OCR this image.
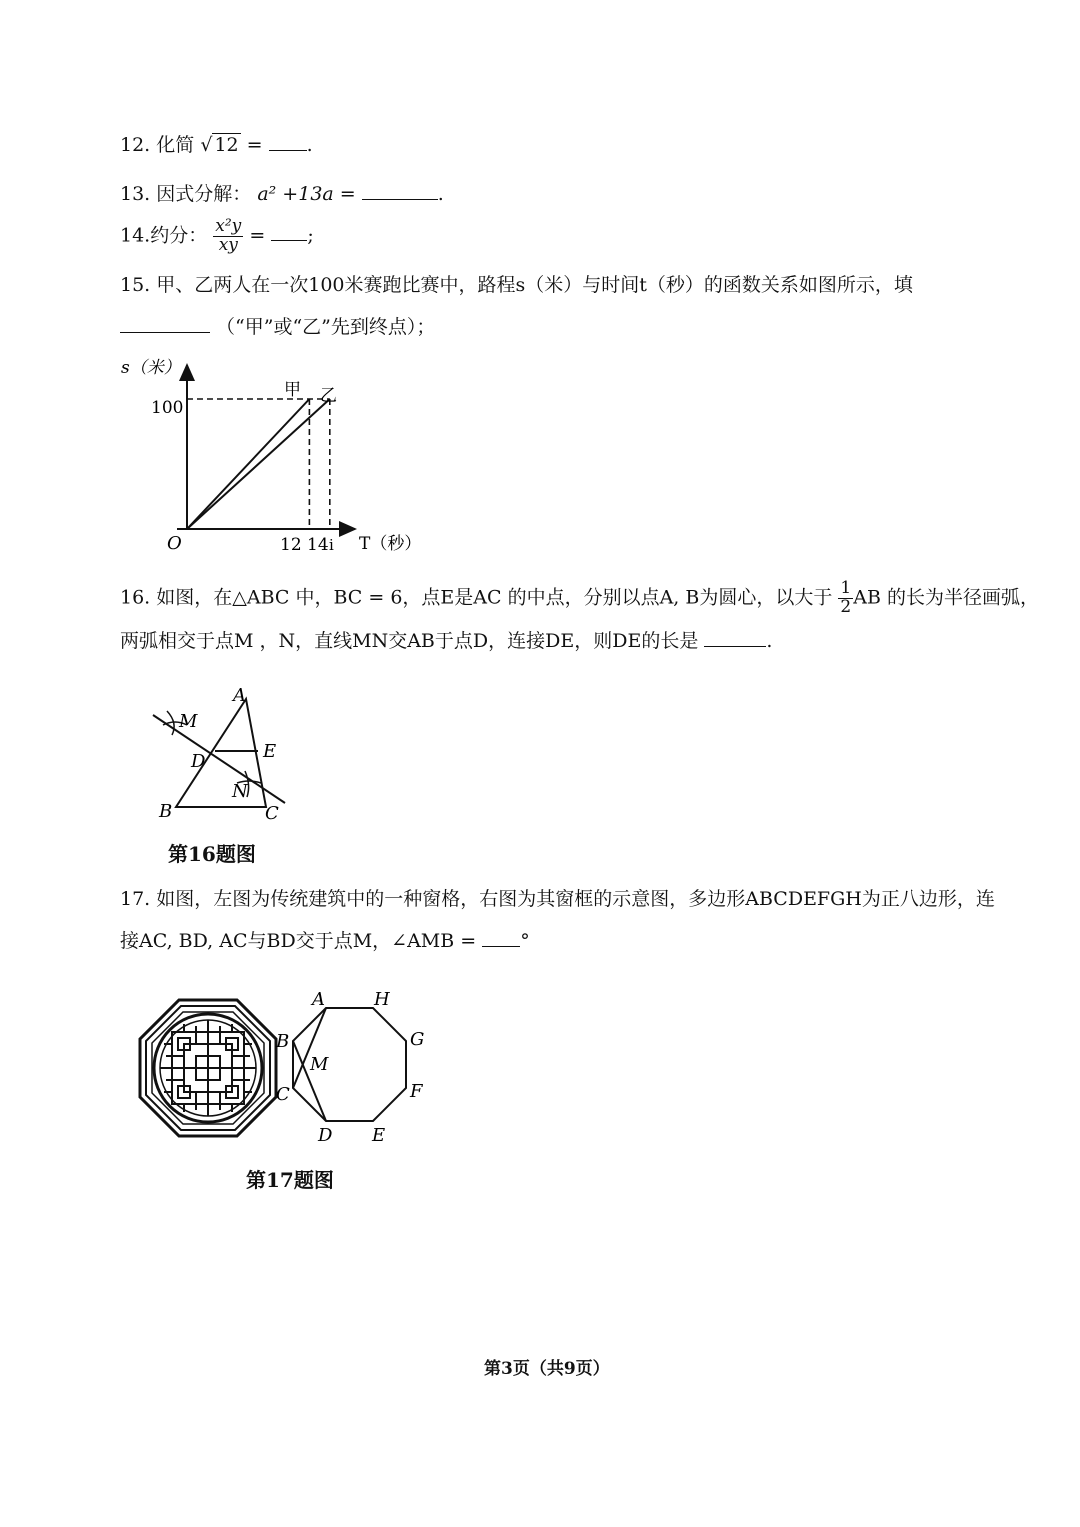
12. 化简 √ 12 = .
13. 因式分解： a² +13a =	.
14.约分： $\frac{\text{x²y}}{xy}$ = ;
15. 甲、乙两人在一次100米赛跑比赛中，路程s（米）与时间t（秒）的函数关系如图所示，填
（“甲”或“乙”先到终点）；
s（米）
T（秒）
O
100
12 14 i
甲 乙
16. 如图，在△ABC 中，BC = 6，点E是AC 的中点，分别以点A, B为圆心，以大于 $\frac{1}{2}$ AB 的长为半径画弧，
两弧相交于点M ，N，直线MN交AB于点D，连接DE，则DE的长是	.
A
B	C
D	E
M
N
第16题图
17. 如图，左图为传统建筑中的一种窗格，右图为其窗框的示意图，多边形ABCDEFGH为正八边形，连
接AC, BD, AC与BD交于点M，∠AMB = °
A	H
B	G
M
C	F
D E
第17题图
第3页（共9页）
